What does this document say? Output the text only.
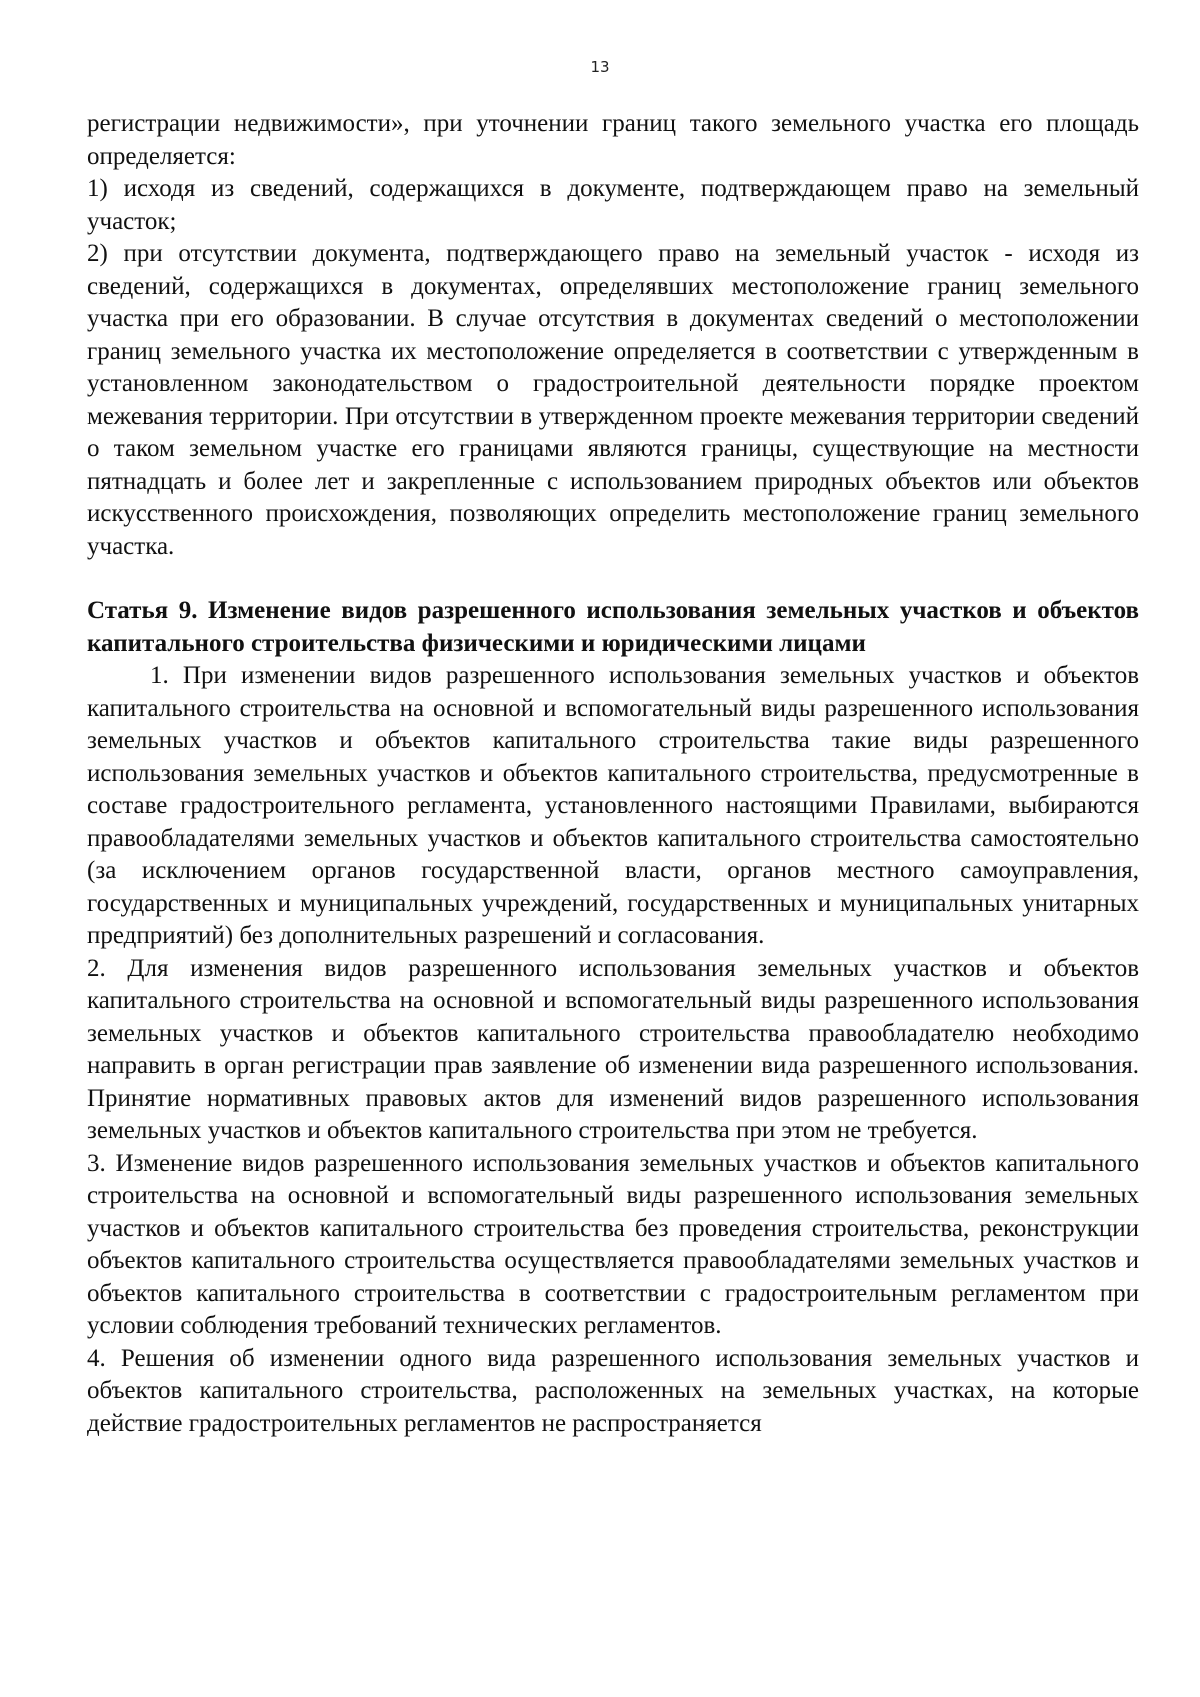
13

регистрации недвижимости», при уточнении границ такого земельного участка его площадь определяется:

1) исходя из сведений, содержащихся в документе, подтверждающем право на земельный участок;

2) при отсутствии документа, подтверждающего право на земельный участок - исходя из сведений, содержащихся в документах, определявших местоположение границ земельного участка при его образовании. В случае отсутствия в документах сведений о местоположении границ земельного участка их местоположение определяется в соответствии с утвержденным в установленном законодательством о градостроительной деятельности порядке проектом межевания территории. При отсутствии в утвержденном проекте межевания территории сведений о таком земельном участке его границами являются границы, существующие на местности пятнадцать и более лет и закрепленные с использованием природных объектов или объектов искусственного происхождения, позволяющих определить местоположение границ земельного участка.

Статья 9. Изменение видов разрешенного использования земельных участков и объектов капитального строительства физическими и юридическими лицами

1. При изменении видов разрешенного использования земельных участков и объектов капитального строительства на основной и вспомогательный виды разрешенного использования земельных участков и объектов капитального строительства такие виды разрешенного использования земельных участков и объектов капитального строительства, предусмотренные в составе градостроительного регламента, установленного настоящими Правилами, выбираются правообладателями земельных участков и объектов капитального строительства самостоятельно (за исключением органов государственной власти, органов местного самоуправления, государственных и муниципальных учреждений, государственных и муниципальных унитарных предприятий) без дополнительных разрешений и согласования.

2. Для изменения видов разрешенного использования земельных участков и объектов капитального строительства на основной и вспомогательный виды разрешенного использования земельных участков и объектов капитального строительства правообладателю необходимо направить в орган регистрации прав заявление об изменении вида разрешенного использования. Принятие нормативных правовых актов для изменений видов разрешенного использования земельных участков и объектов капитального строительства при этом не требуется.

3. Изменение видов разрешенного использования земельных участков и объектов капитального строительства на основной и вспомогательный виды разрешенного использования земельных участков и объектов капитального строительства без проведения строительства, реконструкции объектов капитального строительства осуществляется правообладателями земельных участков и объектов капитального строительства в соответствии с градостроительным регламентом при условии соблюдения требований технических регламентов.

4. Решения об изменении одного вида разрешенного использования земельных участков и объектов капитального строительства, расположенных на земельных участках, на которые действие градостроительных регламентов не распространяется
